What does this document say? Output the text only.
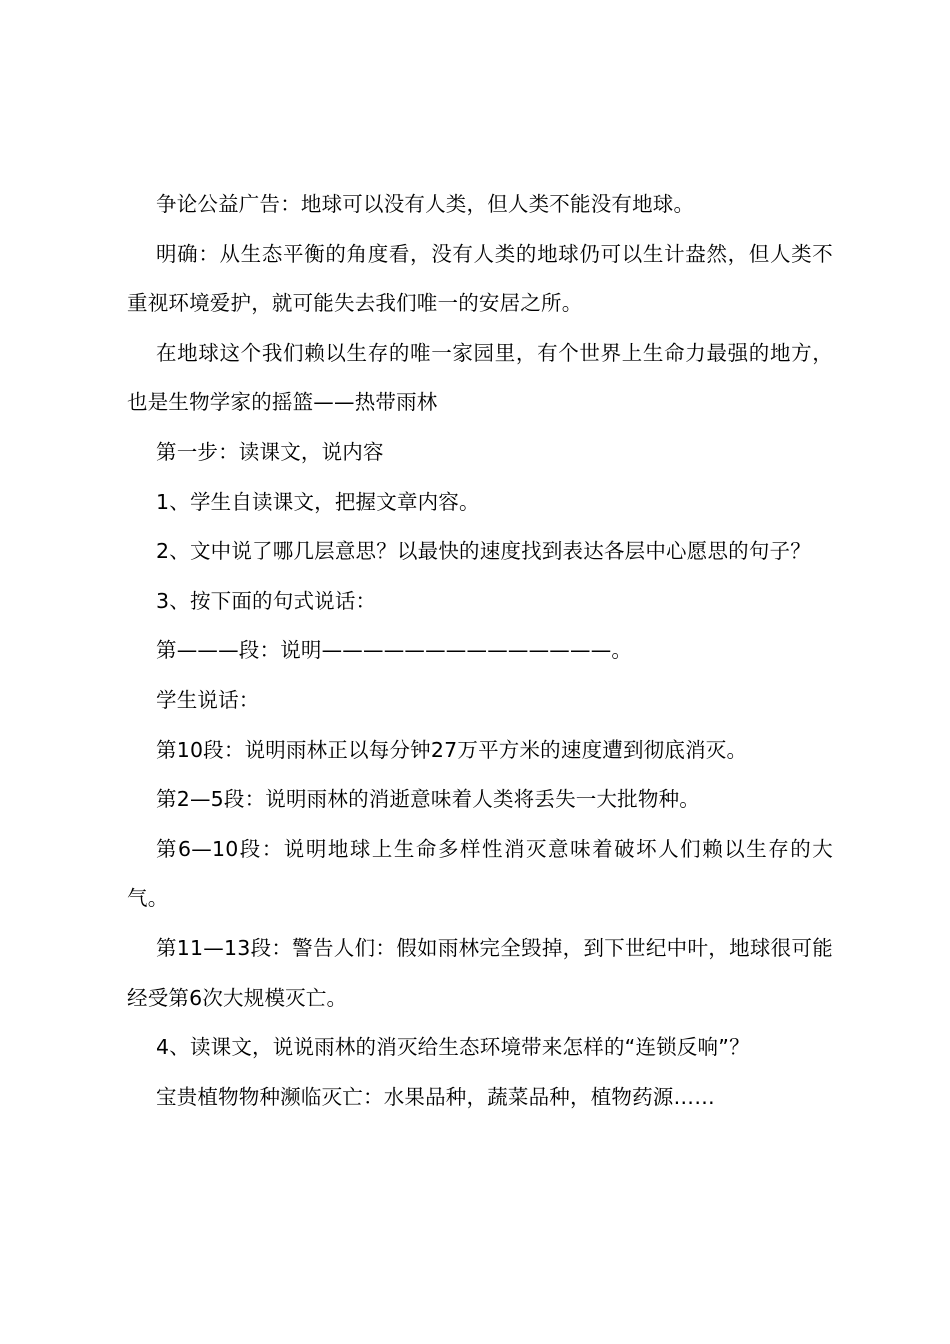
争论公益广告：地球可以没有人类，但人类不能没有地球。

明确：从生态平衡的角度看，没有人类的地球仍可以生计盎然，但人类不重视环境爱护，就可能失去我们唯一的安居之所。

在地球这个我们赖以生存的唯一家园里，有个世界上生命力最强的地方，也是生物学家的摇篮——热带雨林

第一步：读课文，说内容

1、学生自读课文，把握文章内容。

2、文中说了哪几层意思？以最快的速度找到表达各层中心愿思的句子？

3、按下面的句式说话：

第———段：说明——————————————。

学生说话：

第10段：说明雨林正以每分钟27万平方米的速度遭到彻底消灭。

第2—5段：说明雨林的消逝意味着人类将丢失一大批物种。

第6—10段：说明地球上生命多样性消灭意味着破坏人们赖以生存的大气。

第11—13段：警告人们：假如雨林完全毁掉，到下世纪中叶，地球很可能经受第6次大规模灭亡。

4、读课文，说说雨林的消灭给生态环境带来怎样的“连锁反响”？

宝贵植物物种濒临灭亡：水果品种，蔬菜品种，植物药源……
